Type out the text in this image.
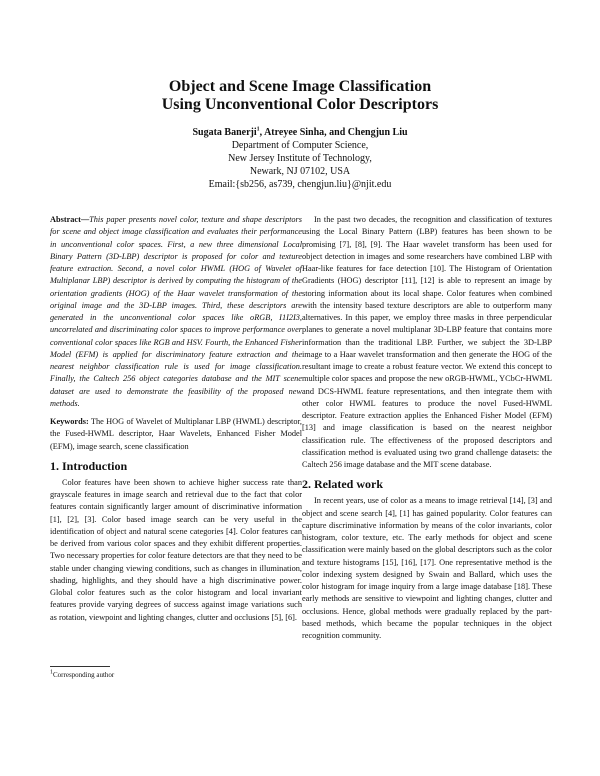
Object and Scene Image Classification
Using Unconventional Color Descriptors
Sugata Banerji$^1$, Atreyee Sinha, and Chengjun Liu
Department of Computer Science,
New Jersey Institute of Technology,
Newark, NJ 07102, USA
Email:{sb256, as739, chengjun.liu}@njit.edu

Abstract—This paper presents novel color, texture and shape descriptors for scene and object image classification and evaluates their performance in unconventional color spaces. First, a new three dimensional Local Binary Pattern (3D-LBP) descriptor is proposed for color and texture feature extraction. Second, a novel color HWML (HOG of Wavelet of Multiplanar LBP) descriptor is derived by computing the histogram of the orientation gradients (HOG) of the Haar wavelet transformation of the original image and the 3D-LBP images. Third, these descriptors are generated in the unconventional color spaces like oRGB, I1I2I3, uncorrelated and discriminating color spaces to improve performance over conventional color spaces like RGB and HSV. Fourth, the Enhanced Fisher Model (EFM) is applied for discriminatory feature extraction and the nearest neighbor classification rule is used for image classification. Finally, the Caltech 256 object categories database and the MIT scene dataset are used to demonstrate the feasibility of the proposed new methods.

Keywords: The HOG of Wavelet of Multiplanar LBP (HWML) descriptor, the Fused-HWML descriptor, Haar Wavelets, Enhanced Fisher Model (EFM), image search, scene classification
1. Introduction

Color features have been shown to achieve higher success rate than grayscale features in image search and retrieval due to the fact that color features contain significantly larger amount of discriminative information [1], [2], [3]. Color based image search can be very useful in the identification of object and natural scene categories [4]. Color features can be derived from various color spaces and they exhibit different properties. Two necessary properties for color feature detectors are that they need to be stable under changing viewing conditions, such as changes in illumination, shading, highlights, and they should have a high discriminative power. Global color features such as the color histogram and local invariant features provide varying degrees of success against image variations such as rotation, viewpoint and lighting changes, clutter and occlusions [5], [6].

$^1$Corresponding author

In the past two decades, the recognition and classification of textures using the Local Binary Pattern (LBP) features has been shown to be promising [7], [8], [9]. The Haar wavelet transform has been used for object detection in images and some researchers have combined LBP with Haar-like features for face detection [10]. The Histogram of Orientation Gradients (HOG) descriptor [11], [12] is able to represent an image by storing information about its local shape. Color features when combined with the intensity based texture descriptors are able to outperform many alternatives. In this paper, we employ three masks in three perpendicular planes to generate a novel multiplanar 3D-LBP feature that contains more information than the traditional LBP. Further, we subject the 3D-LBP image to a Haar wavelet transformation and then generate the HOG of the resultant image to create a robust feature vector. We extend this concept to multiple color spaces and propose the new oRGB-HWML, YCbCr-HWML and DCS-HWML feature representations, and then integrate them with other color HWML features to produce the novel Fused-HWML descriptor. Feature extraction applies the Enhanced Fisher Model (EFM) [13] and image classification is based on the nearest neighbor classification rule. The effectiveness of the proposed descriptors and classification method is evaluated using two grand challenge datasets: the Caltech 256 image database and the MIT scene database.

2. Related work

In recent years, use of color as a means to image retrieval [14], [3] and object and scene search [4], [1] has gained popularity. Color features can capture discriminative information by means of the color invariants, color histogram, color texture, etc. The early methods for object and scene classification were mainly based on the global descriptors such as the color and texture histograms [15], [16], [17]. One representative method is the color indexing system designed by Swain and Ballard, which uses the color histogram for image inquiry from a large image database [18]. These early methods are sensitive to viewpoint and lighting changes, clutter and occlusions. Hence, global methods were gradually replaced by the part-based methods, which became the popular techniques in the object recognition community.
